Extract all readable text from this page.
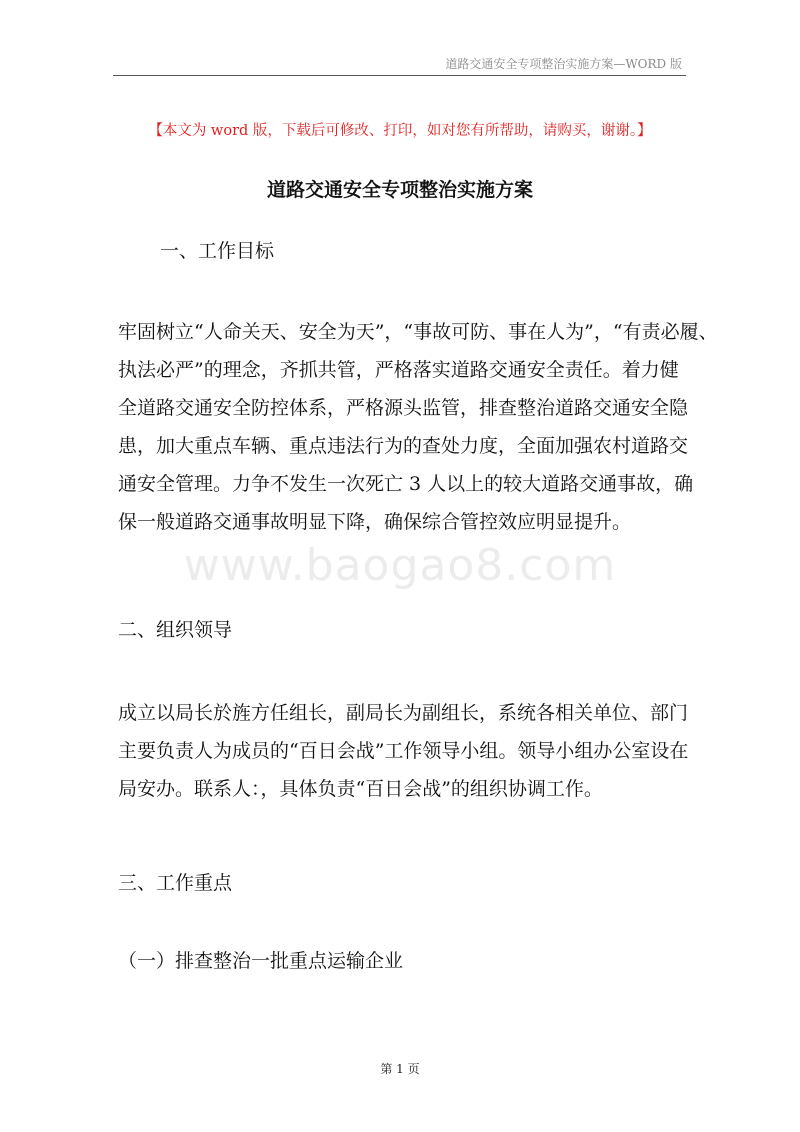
道路交通安全专项整治实施方案—WORD 版
【本文为 word 版，下载后可修改、打印，如对您有所帮助，请购买，谢谢。】
道路交通安全专项整治实施方案
一、工作目标
牢固树立“人命关天、安全为天”，“事故可防、事在人为”，“有责必履、
执法必严”的理念，齐抓共管，严格落实道路交通安全责任。着力健
全道路交通安全防控体系，严格源头监管，排查整治道路交通安全隐
患，加大重点车辆、重点违法行为的查处力度，全面加强农村道路交
通安全管理。力争不发生一次死亡 3 人以上的较大道路交通事故，确
保一般道路交通事故明显下降，确保综合管控效应明显提升。
www.baogao8.com
二、组织领导
成立以局长於旌方任组长，副局长为副组长，系统各相关单位、部门
主要负责人为成员的“百日会战”工作领导小组。领导小组办公室设在
局安办。联系人：，具体负责“百日会战”的组织协调工作。
三、工作重点
（一）排查整治一批重点运输企业
第 1 页
